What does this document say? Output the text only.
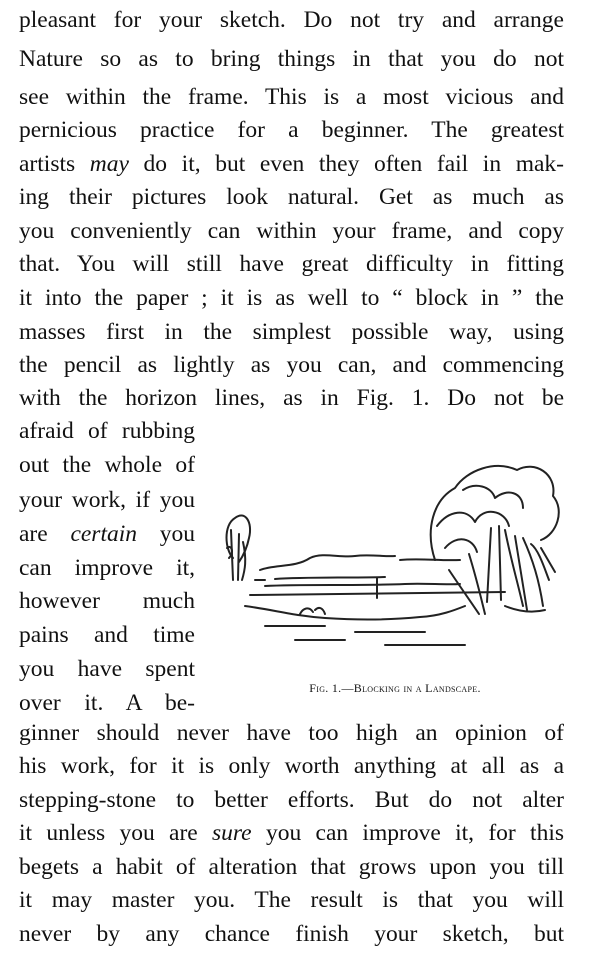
pleasant for your sketch. Do not try and arrange
Nature so as to bring things in that you do not
see within the frame. This is a most vicious and
pernicious practice for a beginner. The greatest
artists may do it, but even they often fail in mak-
ing their pictures look natural. Get as much as
you conveniently can within your frame, and copy
that. You will still have great difficulty in fitting
it into the paper ; it is as well to “ block in ” the
masses first in the simplest possible way, using
the pencil as lightly as you can, and commencing
with the horizon lines, as in Fig. 1. Do not be
afraid of rubbing
out the whole of
your work, if you
are certain you
can improve it,
however much
pains and time
you have spent
over it. A be-
ginner should never have too high an opinion of
his work, for it is only worth anything at all as a
stepping-stone to better efforts. But do not alter
it unless you are sure you can improve it, for this
begets a habit of alteration that grows upon you till
it may master you. The result is that you will
never by any chance finish your sketch, but
Fig. 1.—Blocking in a Landscape.
